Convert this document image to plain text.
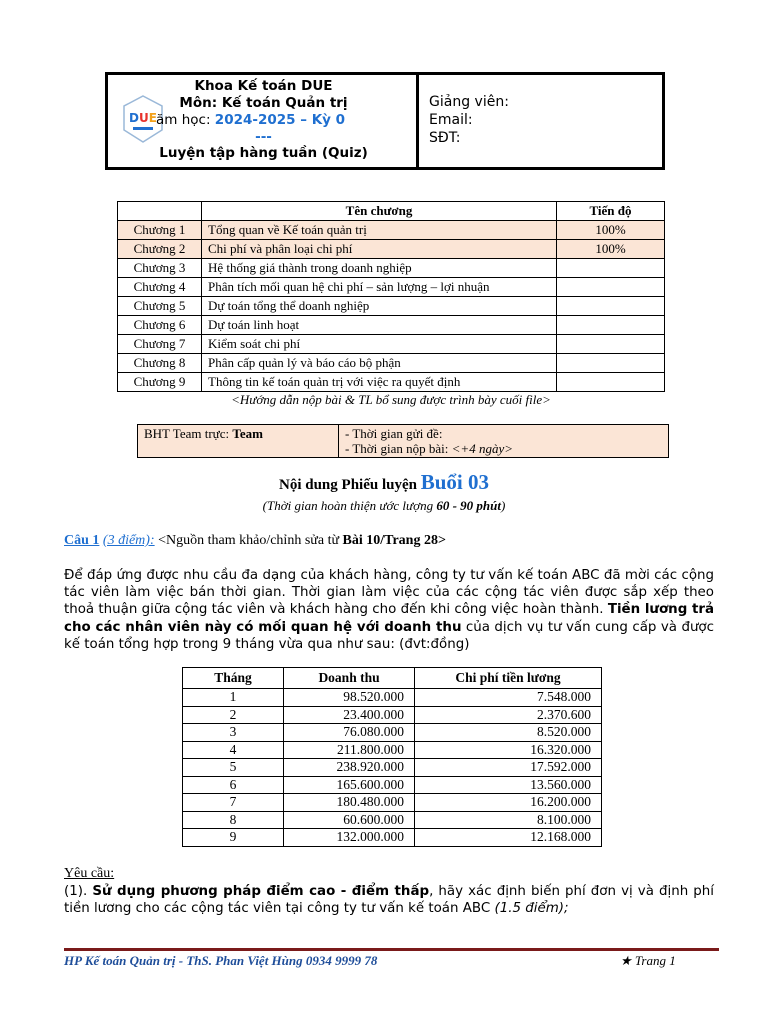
DUE
Khoa Kế toán DUE
Môn: Kế toán Quản trị
ăm học: 2024-2025 – Kỳ 0
---
Luyện tập hàng tuần (Quiz)
Giảng viên:
Email:
SĐT:
	Tên chương	Tiến độ
Chương 1	Tổng quan về Kế toán quản trị	100%
Chương 2	Chi phí và phân loại chi phí	100%
Chương 3	Hệ thống giá thành trong doanh nghiệp	
Chương 4	Phân tích mối quan hệ chi phí – sản lượng – lợi nhuận	
Chương 5	Dự toán tổng thể doanh nghiệp	
Chương 6	Dự toán linh hoạt	
Chương 7	Kiểm soát chi phí	
Chương 8	Phân cấp quản lý và báo cáo bộ phận	
Chương 9	Thông tin kế toán quản trị với việc ra quyết định	
<Hướng dẫn nộp bài & TL bổ sung được trình bày cuối file>
BHT Team trực: Team	- Thời gian gửi đề:
- Thời gian nộp bài: <+4 ngày>
Nội dung Phiếu luyện Buổi 03
(Thời gian hoàn thiện ước lượng 60 - 90 phút)
Câu 1 (3 điểm): <Nguồn tham khảo/chỉnh sửa từ Bài 10/Trang 28>
Để đáp ứng được nhu cầu đa dạng của khách hàng, công ty tư vấn kế toán ABC đã mời các cộng tác viên làm việc bán thời gian. Thời gian làm việc của các cộng tác viên được sắp xếp theo thoả thuận giữa cộng tác viên và khách hàng cho đến khi công việc hoàn thành. Tiền lương trả cho các nhân viên này có mối quan hệ với doanh thu của dịch vụ tư vấn cung cấp và được kế toán tổng hợp trong 9 tháng vừa qua như sau: (đvt:đồng)
Tháng	Doanh thu	Chi phí tiền lương
1	98.520.000	7.548.000
2	23.400.000	2.370.600
3	76.080.000	8.520.000
4	211.800.000	16.320.000
5	238.920.000	17.592.000
6	165.600.000	13.560.000
7	180.480.000	16.200.000
8	60.600.000	8.100.000
9	132.000.000	12.168.000
Yêu cầu:
(1). Sử dụng phương pháp điểm cao - điểm thấp, hãy xác định biến phí đơn vị và định phí tiền lương cho các cộng tác viên tại công ty tư vấn kế toán ABC (1.5 điểm);
HP Kế toán Quản trị - ThS. Phan Việt Hùng 0934 9999 78	★ Trang 1
